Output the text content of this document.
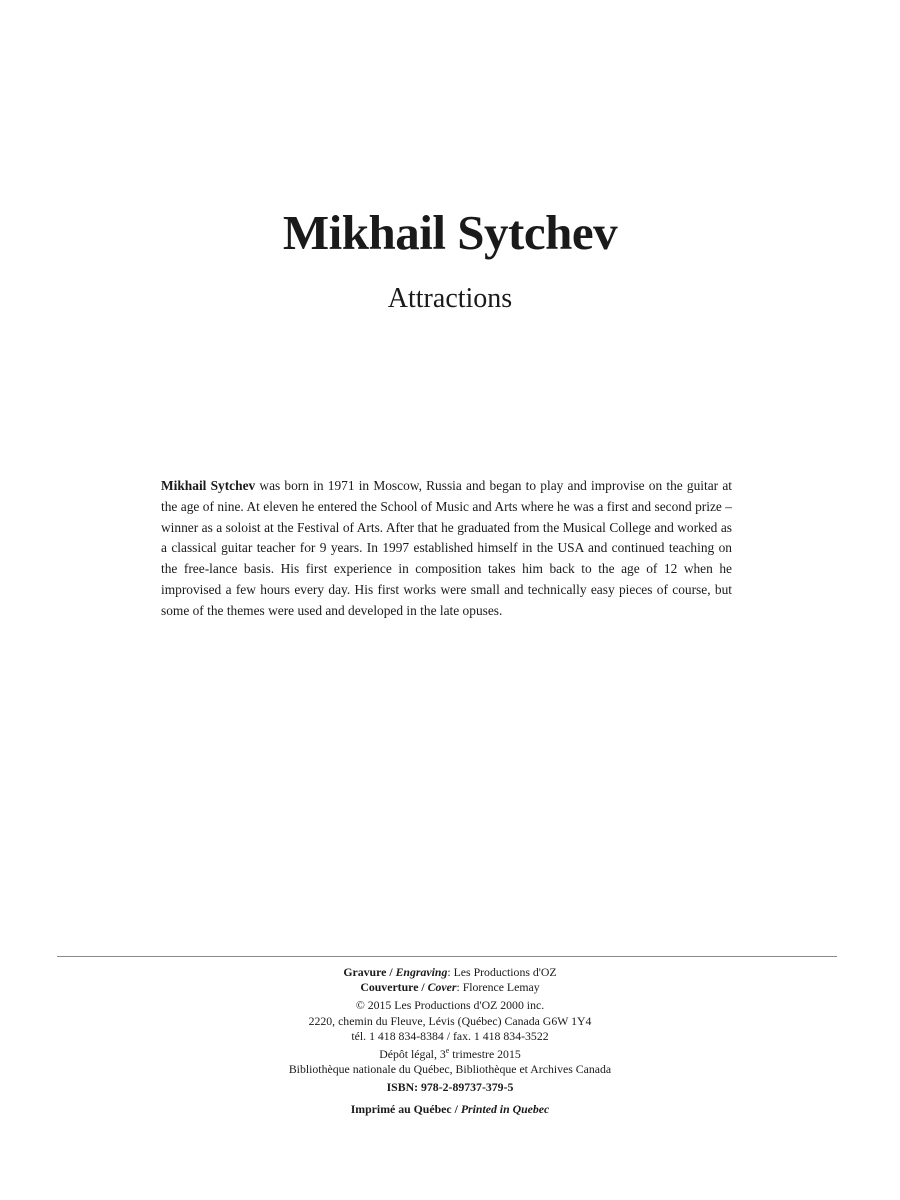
Mikhail Sytchev
Attractions

Mikhail Sytchev was born in 1971 in Moscow, Russia and began to play and improvise on the guitar at the age of nine. At eleven he entered the School of Music and Arts where he was a first and second prize – winner as a soloist at the Festival of Arts. After that he graduated from the Musical College and worked as a classical guitar teacher for 9 years. In 1997 established himself in the USA and continued teaching on the free-lance basis. His first experience in composition takes him back to the age of 12 when he improvised a few hours every day. His first works were small and technically easy pieces of course, but some of the themes were used and developed in the late opuses.

Gravure / Engraving: Les Productions d'OZ
Couverture / Cover: Florence Lemay
© 2015 Les Productions d'OZ 2000 inc.
2220, chemin du Fleuve, Lévis (Québec) Canada G6W 1Y4
tél. 1 418 834-8384 / fax. 1 418 834-3522
Dépôt légal, 3e trimestre 2015
Bibliothèque nationale du Québec, Bibliothèque et Archives Canada
ISBN: 978-2-89737-379-5
Imprimé au Québec / Printed in Quebec
